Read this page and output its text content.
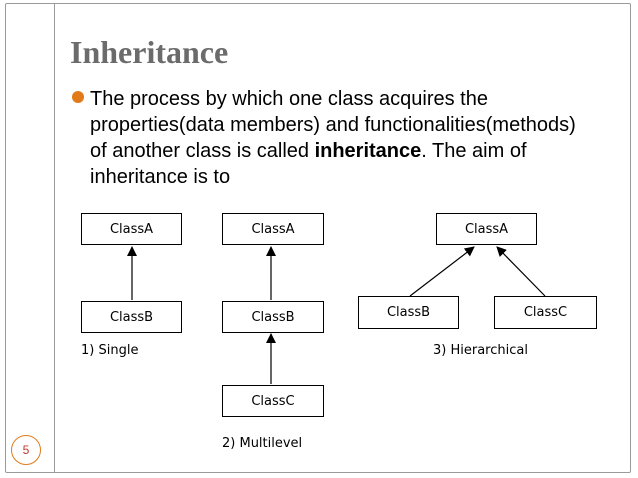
Inheritance
The process by which one class acquires the properties(data members) and functionalities(methods) of another class is called inheritance. The aim of inheritance is to
ClassA
ClassB
1) Single
ClassA
ClassB
ClassC
2) Multilevel
ClassA
ClassB	ClassC
3) Hierarchical
5
